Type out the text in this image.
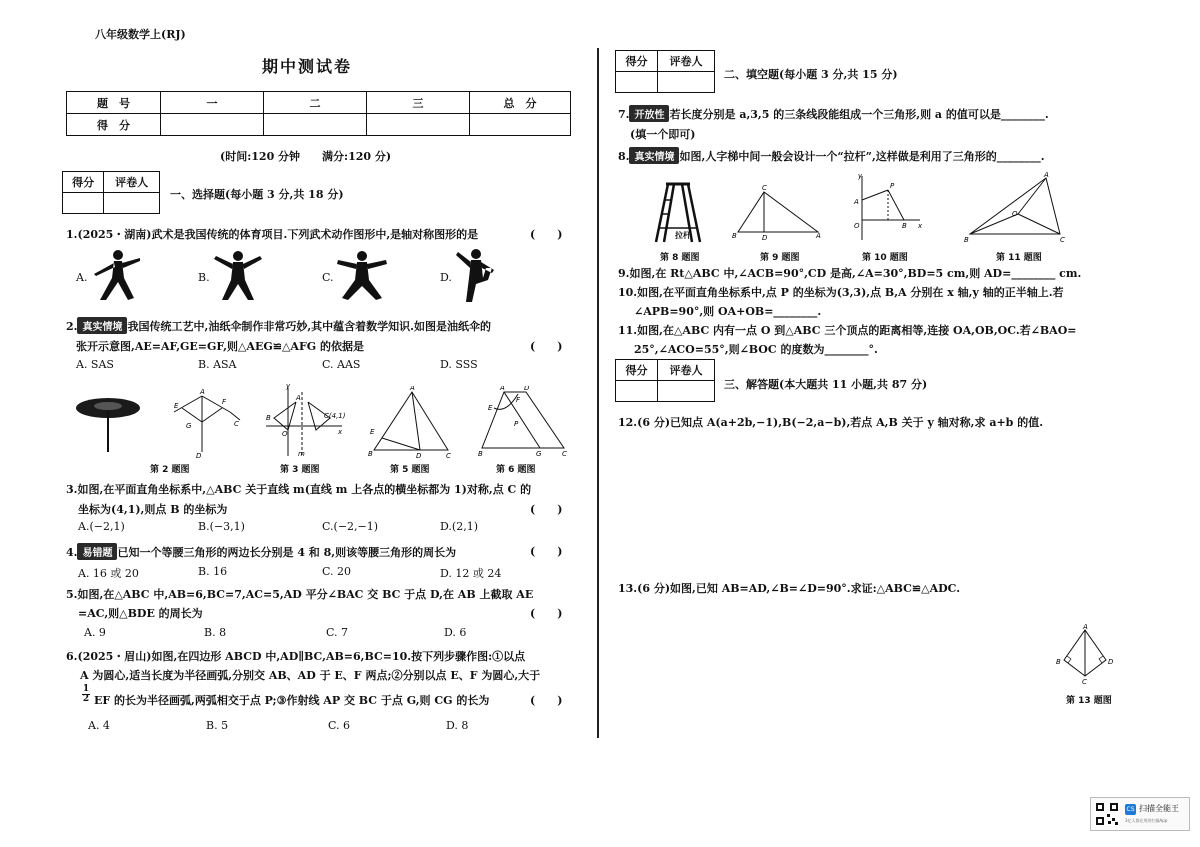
八年级数学上(RJ)
期中测试卷
题　号	一	二	三	总　分
得　分				
(时间:120 分钟　　满分:120 分)
得分	评卷人

一、选择题(每小题 3 分,共 18 分)
1.(2025・湖南)武术是我国传统的体育项目.下列武术动作图形中,是轴对称图形的是	(　　)
A.	B.	C.	D.
2. 真实情境 我国传统工艺中,油纸伞制作非常巧妙,其中蕴含着数学知识.如图是油纸伞的
张开示意图,AE=AF,GE=GF,则△AEG≌△AFG 的依据是	(　　)
A. SAS	B. ASA	C. AAS	D. SSS
A
E	F
G	C
D
y
x
O
m
B	C(4,1)
A
A
E
B	D	C
A	D
E
F
P
B	G	C
第 2 题图	第 3 题图	第 5 题图	第 6 题图
3.如图,在平面直角坐标系中,△ABC 关于直线 m(直线 m 上各点的横坐标都为 1)对称,点 C 的
坐标为(4,1),则点 B 的坐标为	(　　)
A.(−2,1)	B.(−3,1)	C.(−2,−1)	D.(2,1)
4. 易错题 已知一个等腰三角形的两边长分别是 4 和 8,则该等腰三角形的周长为	(　　)
A. 16 或 20	B. 16	C. 20	D. 12 或 24
5.如图,在△ABC 中,AB=6,BC=7,AC=5,AD 平分∠BAC 交 BC 于点 D,在 AB 上截取 AE
=AC,则△BDE 的周长为	(　　)
A. 9	B. 8	C. 7	D. 6
6.(2025・眉山)如图,在四边形 ABCD 中,AD∥BC,AB=6,BC=10.按下列步骤作图:①以点
A 为圆心,适当长度为半径画弧,分别交 AB、AD 于 E、F 两点;②分别以点 E、F 为圆心,大于
$\frac{1}{2}$ EF 的长为半径画弧,两弧相交于点 P;③作射线 AP 交 BC 于点 G,则 CG 的长为	(　　)
A. 4	B. 5	C. 6	D. 8
得分	评卷人

二、填空题(每小题 3 分,共 15 分)
7. 开放性 若长度分别是 a,3,5 的三条线段能组成一个三角形,则 a 的值可以是________.
(填一个即可)
8. 真实情境 如图,人字梯中间一般会设计一个“拉杆”,这样做是利用了三角形的________.
拉杆
C
B	D	A
y
x
O
A
P
B
A
O
B	C
第 8 题图	第 9 题图	第 10 题图	第 11 题图
9.如图,在 Rt△ABC 中,∠ACB=90°,CD 是高,∠A=30°,BD=5 cm,则 AD=________ cm.
10.如图,在平面直角坐标系中,点 P 的坐标为(3,3),点 B,A 分别在 x 轴,y 轴的正半轴上.若
∠APB=90°,则 OA+OB=________.
11.如图,在△ABC 内有一点 O 到△ABC 三个顶点的距离相等,连接 OA,OB,OC.若∠BAO=
25°,∠ACO=55°,则∠BOC 的度数为________°.
得分	评卷人

三、解答题(本大题共 11 小题,共 87 分)
12.(6 分)已知点 A(a+2b,−1),B(−2,a−b),若点 A,B 关于 y 轴对称,求 a+b 的值.
13.(6 分)如图,已知 AB=AD,∠B=∠D=90°.求证:△ABC≌△ADC.
A
B	D
C
第 13 题图
CS 扫描全能王
3亿人都在用的扫描App
